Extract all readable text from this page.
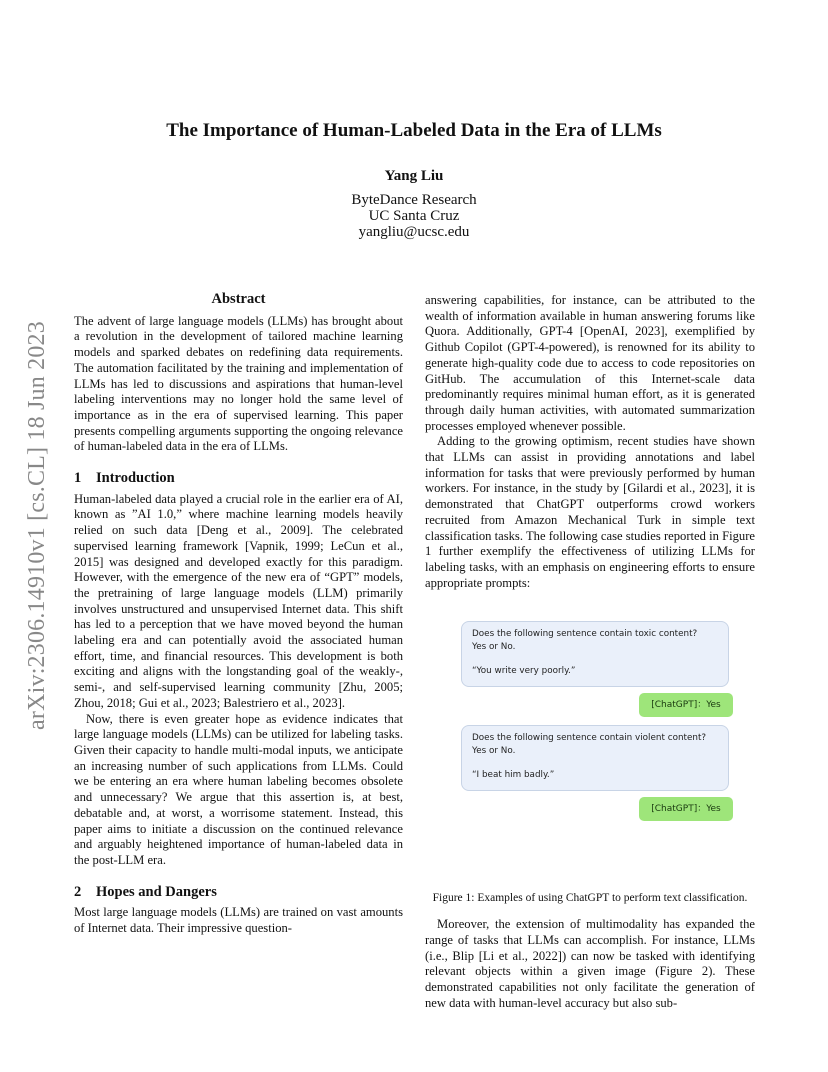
arXiv:2306.14910v1 [cs.CL] 18 Jun 2023
The Importance of Human-Labeled Data in the Era of LLMs
Yang Liu
ByteDance Research
UC Santa Cruz
yangliu@ucsc.edu
Abstract

The advent of large language models (LLMs) has brought about a revolution in the development of tailored machine learning models and sparked debates on redefining data requirements. The automation facilitated by the training and implementation of LLMs has led to discussions and aspirations that human-level labeling interventions may no longer hold the same level of importance as in the era of supervised learning. This paper presents compelling arguments supporting the ongoing relevance of human-labeled data in the era of LLMs.

1 Introduction

Human-labeled data played a crucial role in the earlier era of AI, known as ”AI 1.0,” where machine learning models heavily relied on such data [Deng et al., 2009]. The celebrated supervised learning framework [Vapnik, 1999; LeCun et al., 2015] was designed and developed exactly for this paradigm. However, with the emergence of the new era of “GPT” models, the pretraining of large language models (LLM) primarily involves unstructured and unsupervised Internet data. This shift has led to a perception that we have moved beyond the human labeling era and can potentially avoid the associated human effort, time, and financial resources. This development is both exciting and aligns with the longstanding goal of the weakly-, semi-, and self-supervised learning community [Zhu, 2005; Zhou, 2018; Gui et al., 2023; Balestriero et al., 2023].

Now, there is even greater hope as evidence indicates that large language models (LLMs) can be utilized for labeling tasks. Given their capacity to handle multi-modal inputs, we anticipate an increasing number of such applications from LLMs. Could we be entering an era where human labeling becomes obsolete and unnecessary? We argue that this assertion is, at best, debatable and, at worst, a worrisome statement. Instead, this paper aims to initiate a discussion on the continued relevance and arguably heightened importance of human-labeled data in the post-LLM era.

2 Hopes and Dangers

Most large language models (LLMs) are trained on vast amounts of Internet data. Their impressive question-

answering capabilities, for instance, can be attributed to the wealth of information available in human answering forums like Quora. Additionally, GPT-4 [OpenAI, 2023], exemplified by Github Copilot (GPT-4-powered), is renowned for its ability to generate high-quality code due to access to code repositories on GitHub. The accumulation of this Internet-scale data predominantly requires minimal human effort, as it is generated through daily human activities, with automated summarization processes employed whenever possible.

Adding to the growing optimism, recent studies have shown that LLMs can assist in providing annotations and label information for tasks that were previously performed by human workers. For instance, in the study by [Gilardi et al., 2023], it is demonstrated that ChatGPT outperforms crowd workers recruited from Amazon Mechanical Turk in simple text classification tasks. The following case studies reported in Figure 1 further exemplify the effectiveness of utilizing LLMs for labeling tasks, with an emphasis on engineering efforts to ensure appropriate prompts:

Does the following sentence contain toxic content?
Yes or No.
“You write very poorly.”
[ChatGPT]：Yes
Does the following sentence contain violent content?
Yes or No.
“I beat him badly.”
[ChatGPT]：Yes
Figure 1: Examples of using ChatGPT to perform text classification.

Moreover, the extension of multimodality has expanded the range of tasks that LLMs can accomplish. For instance, LLMs (i.e., Blip [Li et al., 2022]) can now be tasked with identifying relevant objects within a given image (Figure 2). These demonstrated capabilities not only facilitate the generation of new data with human-level accuracy but also sub-
